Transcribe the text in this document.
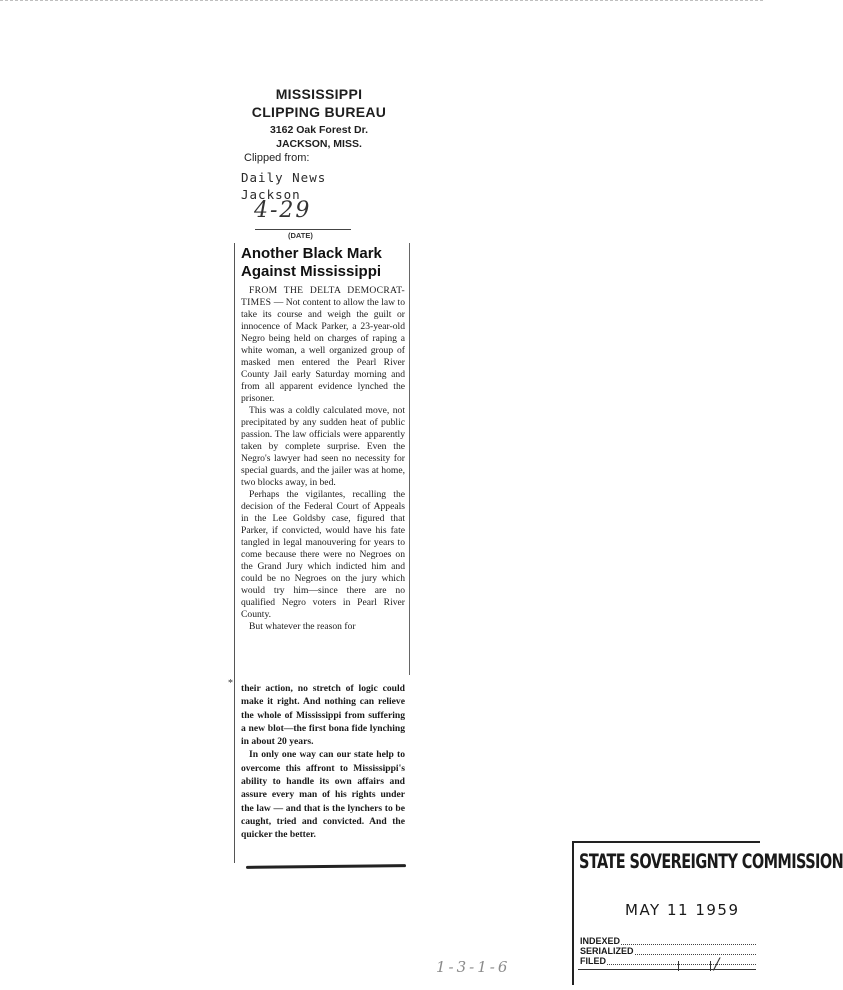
MISSISSIPPI
CLIPPING BUREAU
3162 Oak Forest Dr.
JACKSON, MISS.
Clipped from:
Daily News
Jackson
4-29
(DATE)
Another Black Mark
Against Mississippi

FROM THE DELTA DEMOCRAT-TIMES — Not content to allow the law to take its course and weigh the guilt or innocence of Mack Parker, a 23-year-old Negro being held on charges of raping a white woman, a well organized group of masked men entered the Pearl River County Jail early Saturday morning and from all apparent evidence lynched the prisoner.

This was a coldly calculated move, not precipitated by any sudden heat of public passion. The law officials were apparently taken by complete surprise. Even the Negro's lawyer had seen no necessity for special guards, and the jailer was at home, two blocks away, in bed.

Perhaps the vigilantes, recalling the decision of the Federal Court of Appeals in the Lee Goldsby case, figured that Parker, if convicted, would have his fate tangled in legal manouvering for years to come because there were no Negroes on the Grand Jury which indicted him and could be no Negroes on the jury which would try him—since there are no qualified Negro voters in Pearl River County.

But whatever the reason for

* their action, no stretch of logic could make it right. And nothing can relieve the whole of Mississippi from suffering a new blot—the first bona fide lynching in about 20 years.

In only one way can our state help to overcome this affront to Mississippi's ability to handle its own affairs and assure every man of his rights under the law — and that is the lynchers to be caught, tried and convicted. And the quicker the better.

STATE SOVEREIGNTY COMMISSION
MAY 11 1959
INDEXED
SERIALIZED
FILED	/
1-3-1-6
